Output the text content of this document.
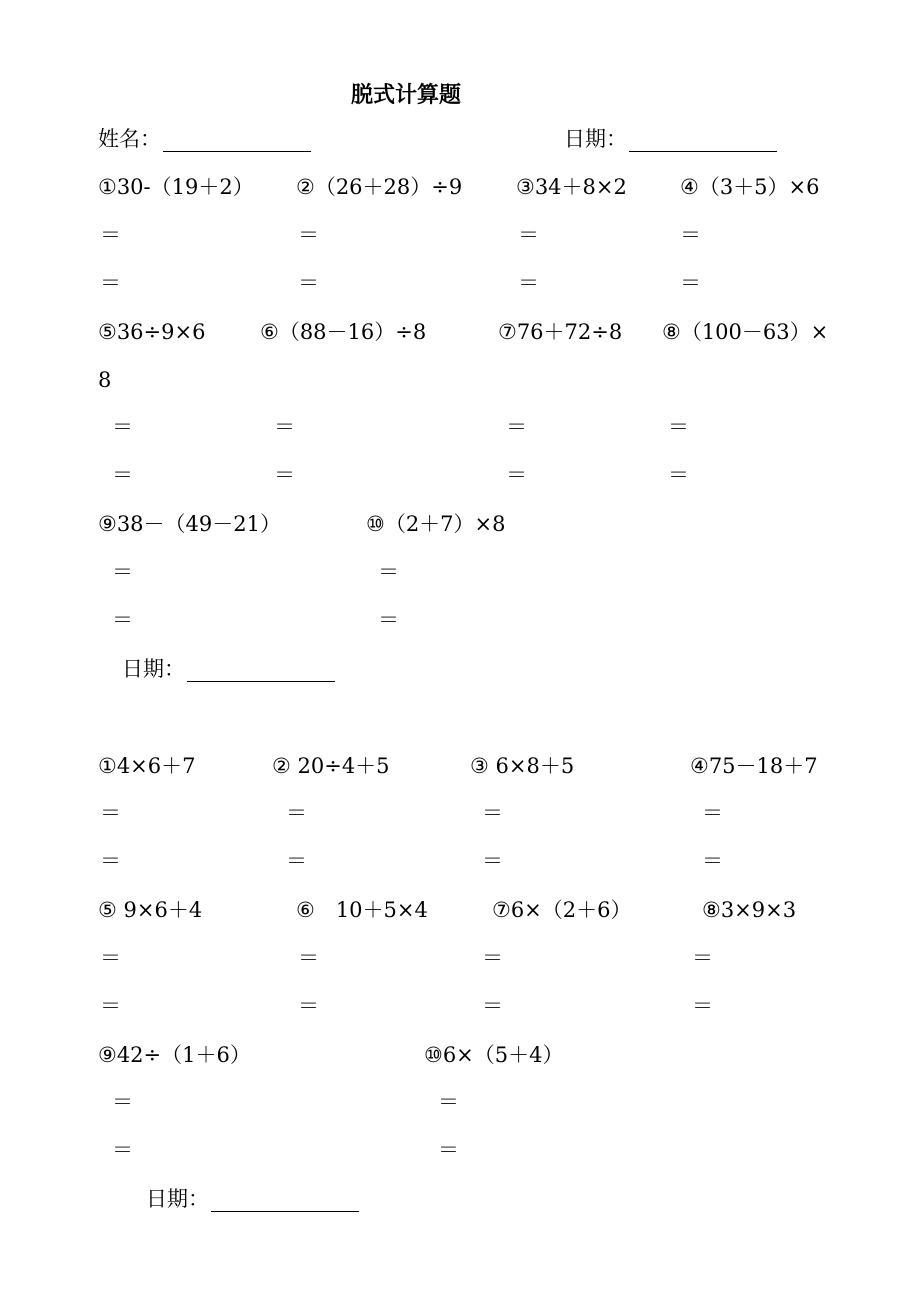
脱式计算题
姓名：	日期：
①30-（19＋2） ②（26＋28）÷9	③34＋8×2	④（3＋5）×6
＝	＝	＝	＝
＝	＝	＝	＝
⑤36÷9×6	⑥（88－16）÷8	⑦76＋72÷8 ⑧（100－63）×
8
＝	＝	＝	＝
＝	＝	＝	＝
⑨38－（49－21）	⑩（2＋7）×8
＝	＝
＝	＝
日期：
①4×6＋7	② 20÷4＋5	③ 6×8＋5	④75－18＋7
＝	＝	＝	＝
＝	＝	＝	＝
⑤ 9×6＋4	⑥　10＋5×4	⑦6×（2＋6）	⑧3×9×3
＝	＝	＝	＝
＝	＝	＝	＝
⑨42÷（1＋6）	⑩6×（5＋4）
＝	＝
＝	＝
日期：
